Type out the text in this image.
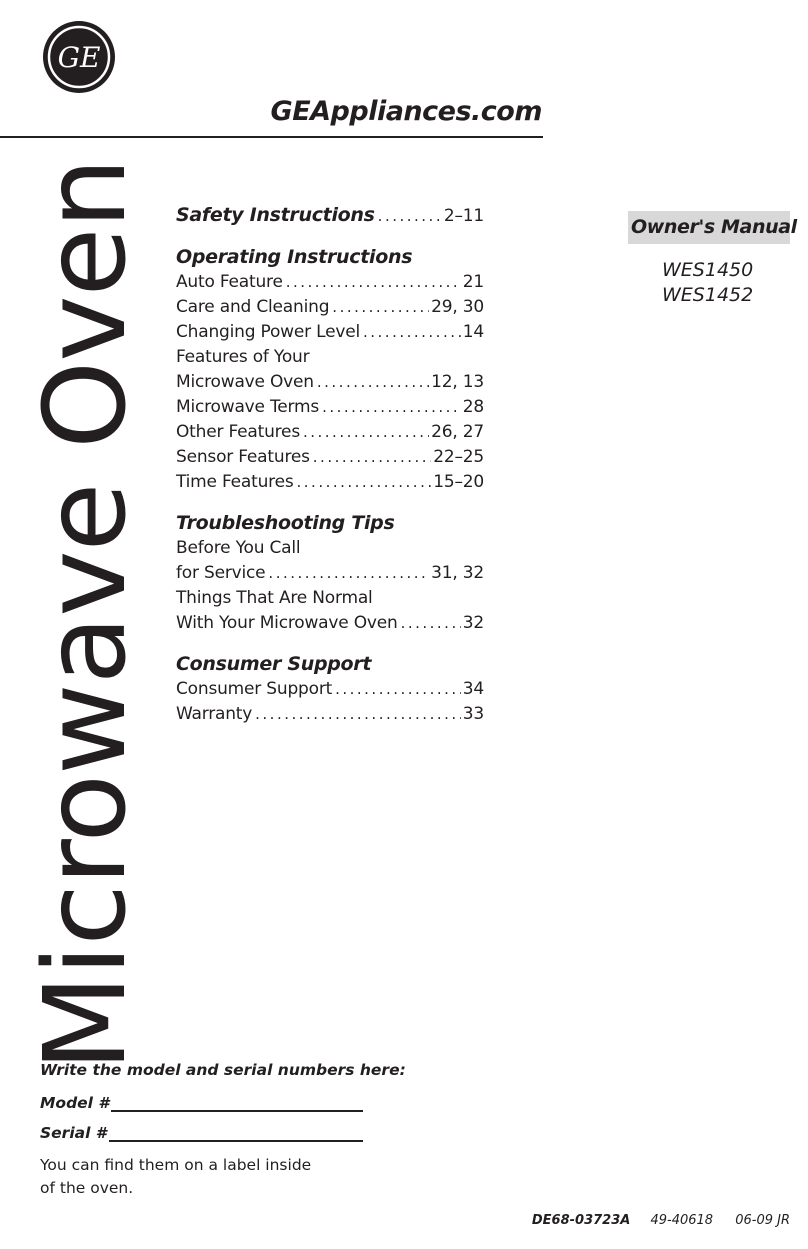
GE
GEAppliances.com
Microwave Oven Safety Instructions .....	2–11
Operating Instructions
Auto Feature .....	21
Care and Cleaning .....	29, 30
Changing Power Level .....	14
Features of Your
Microwave Oven .....	12, 13
Microwave Terms .....	28
Other Features .....	26, 27
Sensor Features .....	22–25
Time Features .....	15–20
Troubleshooting Tips
Before You Call
for Service .....	31, 32
Things That Are Normal
With Your Microwave Oven .....	32
Consumer Support
Consumer Support .....	34
Warranty .....	33
Owner's Manual
WES1450
WES1452
Write the model and serial numbers here:
Model #
Serial #
You can find them on a label inside
of the oven.
DE68-03723A 49-40618 06-09 JR
